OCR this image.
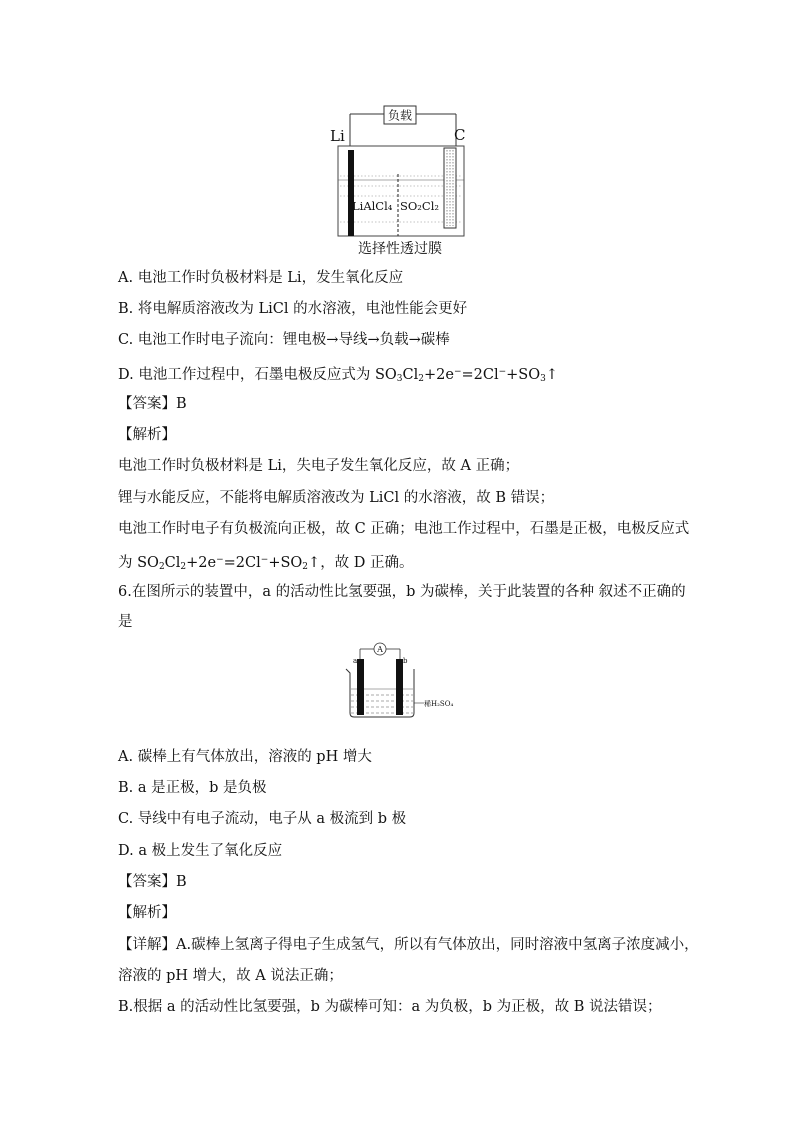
负载
Li	C
LiAlCl₄ SO₂Cl₂
选择性透过膜
A. 电池工作时负极材料是 Li，发生氧化反应
B. 将电解质溶液改为 LiCl 的水溶液，电池性能会更好
C. 电池工作时电子流向：锂电极→导线→负载→碳棒
D. 电池工作过程中，石墨电极反应式为 $SO_3Cl_2+2e^-=2Cl^-+SO_3↑$
【答案】B
【解析】
电池工作时负极材料是 Li，失电子发生氧化反应，故 A 正确；
锂与水能反应，不能将电解质溶液改为 LiCl 的水溶液，故 B 错误；
电池工作时电子有负极流向正极，故 C 正确；电池工作过程中，石墨是正极，电极反应式
为 $SO_2Cl_2+2e^-=2Cl^-+SO_2↑$，故 D 正确。
6.在图所示的装置中，a 的活动性比氢要强，b 为碳棒，关于此装置的各种 叙述不正确的
是
A
a	b
稀H₂SO₄
A. 碳棒上有气体放出，溶液的 pH 增大
B. a 是正极，b 是负极
C. 导线中有电子流动，电子从 a 极流到 b 极
D. a 极上发生了氧化反应
【答案】B
【解析】
【详解】A.碳棒上氢离子得电子生成氢气，所以有气体放出，同时溶液中氢离子浓度减小，
溶液的 pH 增大，故 A 说法正确；
B.根据 a 的活动性比氢要强，b 为碳棒可知：a 为负极，b 为正极，故 B 说法错误；
